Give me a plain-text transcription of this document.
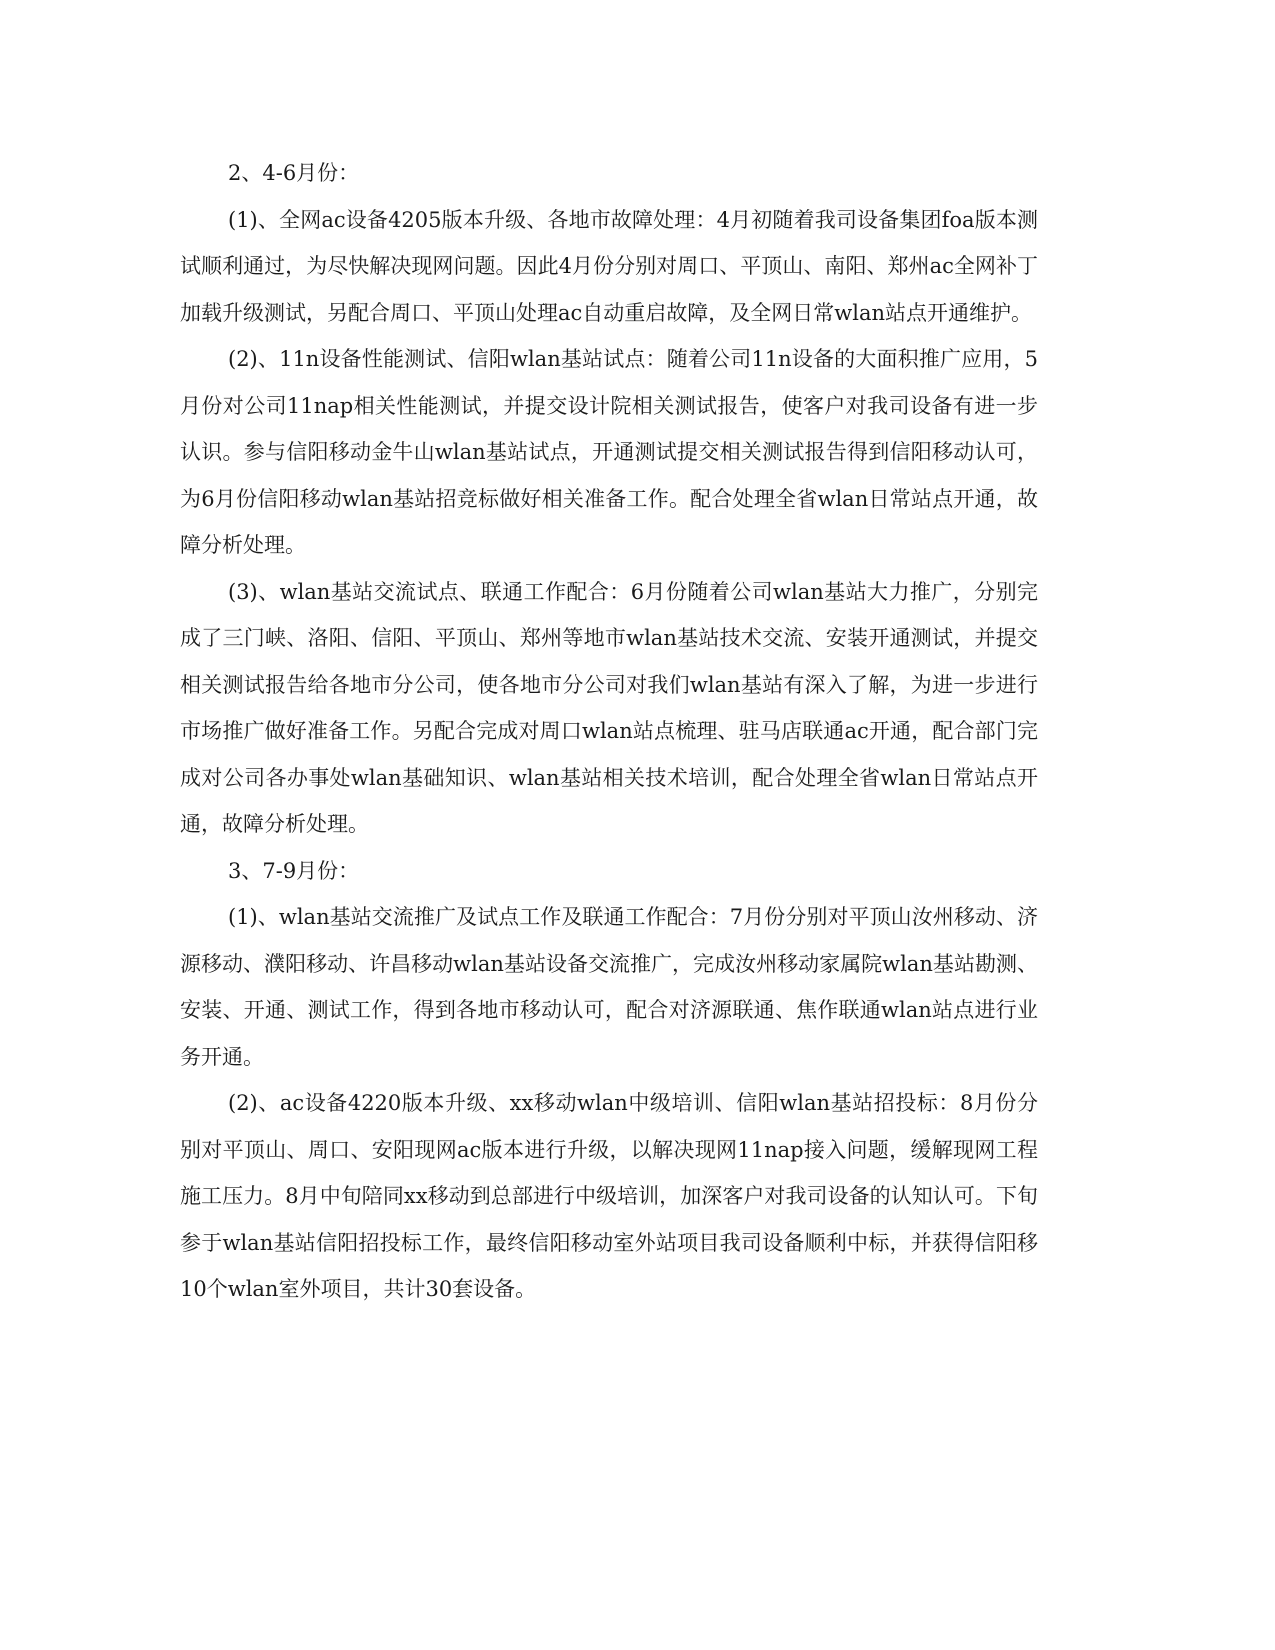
2、4-6月份：

(1)、全网ac设备4205版本升级、各地市故障处理：4月初随着我司设备集团foa版本测试顺利通过，为尽快解决现网问题。因此4月份分别对周口、平顶山、南阳、郑州ac全网补丁加载升级测试，另配合周口、平顶山处理ac自动重启故障，及全网日常wlan站点开通维护。

(2)、11n设备性能测试、信阳wlan基站试点：随着公司11n设备的大面积推广应用，5月份对公司11nap相关性能测试，并提交设计院相关测试报告，使客户对我司设备有进一步认识。参与信阳移动金牛山wlan基站试点，开通测试提交相关测试报告得到信阳移动认可，为6月份信阳移动wlan基站招竞标做好相关准备工作。配合处理全省wlan日常站点开通，故障分析处理。

(3)、wlan基站交流试点、联通工作配合：6月份随着公司wlan基站大力推广，分别完成了三门峡、洛阳、信阳、平顶山、郑州等地市wlan基站技术交流、安装开通测试，并提交相关测试报告给各地市分公司，使各地市分公司对我们wlan基站有深入了解，为进一步进行市场推广做好准备工作。另配合完成对周口wlan站点梳理、驻马店联通ac开通，配合部门完成对公司各办事处wlan基础知识、wlan基站相关技术培训，配合处理全省wlan日常站点开通，故障分析处理。

3、7-9月份：

(1)、wlan基站交流推广及试点工作及联通工作配合：7月份分别对平顶山汝州移动、济源移动、濮阳移动、许昌移动wlan基站设备交流推广，完成汝州移动家属院wlan基站勘测、安装、开通、测试工作，得到各地市移动认可，配合对济源联通、焦作联通wlan站点进行业务开通。

(2)、ac设备4220版本升级、xx移动wlan中级培训、信阳wlan基站招投标：8月份分别对平顶山、周口、安阳现网ac版本进行升级，以解决现网11nap接入问题，缓解现网工程施工压力。8月中旬陪同xx移动到总部进行中级培训，加深客户对我司设备的认知认可。下旬参于wlan基站信阳招投标工作，最终信阳移动室外站项目我司设备顺利中标，并获得信阳移10个wlan室外项目，共计30套设备。
